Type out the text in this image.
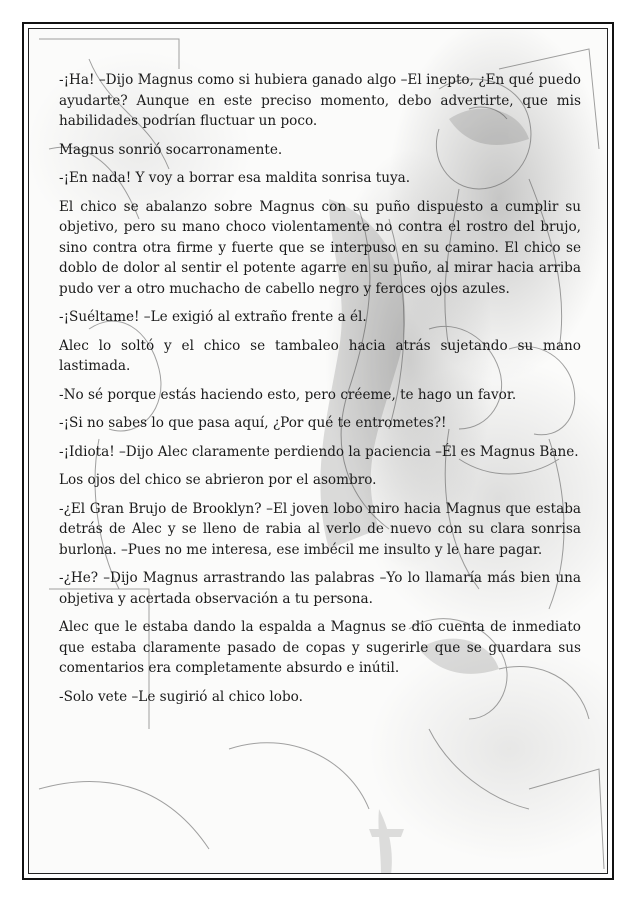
-¡Ha! –Dijo Magnus como si hubiera ganado algo –El inepto, ¿En qué puedo ayudarte? Aunque en este preciso momento, debo advertirte, que mis habilidades podrían fluctuar un poco.

Magnus sonrió socarronamente.

-¡En nada! Y voy a borrar esa maldita sonrisa tuya.

El chico se abalanzo sobre Magnus con su puño dispuesto a cumplir su objetivo, pero su mano choco violentamente no contra el rostro del brujo, sino contra otra firme y fuerte que se interpuso en su camino. El chico se doblo de dolor al sentir el potente agarre en su puño, al mirar hacia arriba pudo ver a otro muchacho de cabello negro y feroces ojos azules.

-¡Suéltame! –Le exigió al extraño frente a él.

Alec lo soltó y el chico se tambaleo hacia atrás sujetando su mano lastimada.

-No sé porque estás haciendo esto, pero créeme, te hago un favor.

-¡Si no sabes lo que pasa aquí, ¿Por qué te entrometes?!

-¡Idiota! –Dijo Alec claramente perdiendo la paciencia –Él es Magnus Bane.

Los ojos del chico se abrieron por el asombro.

-¿El Gran Brujo de Brooklyn? –El joven lobo miro hacia Magnus que estaba detrás de Alec y se lleno de rabia al verlo de nuevo con su clara sonrisa burlona. –Pues no me interesa, ese imbécil me insulto y le hare pagar.

-¿He? –Dijo Magnus arrastrando las palabras –Yo lo llamaría más bien una objetiva y acertada observación a tu persona.

Alec que le estaba dando la espalda a Magnus se dio cuenta de inmediato que estaba claramente pasado de copas y sugerirle que se guardara sus comentarios era completamente absurdo e inútil.

-Solo vete –Le sugirió al chico lobo.
